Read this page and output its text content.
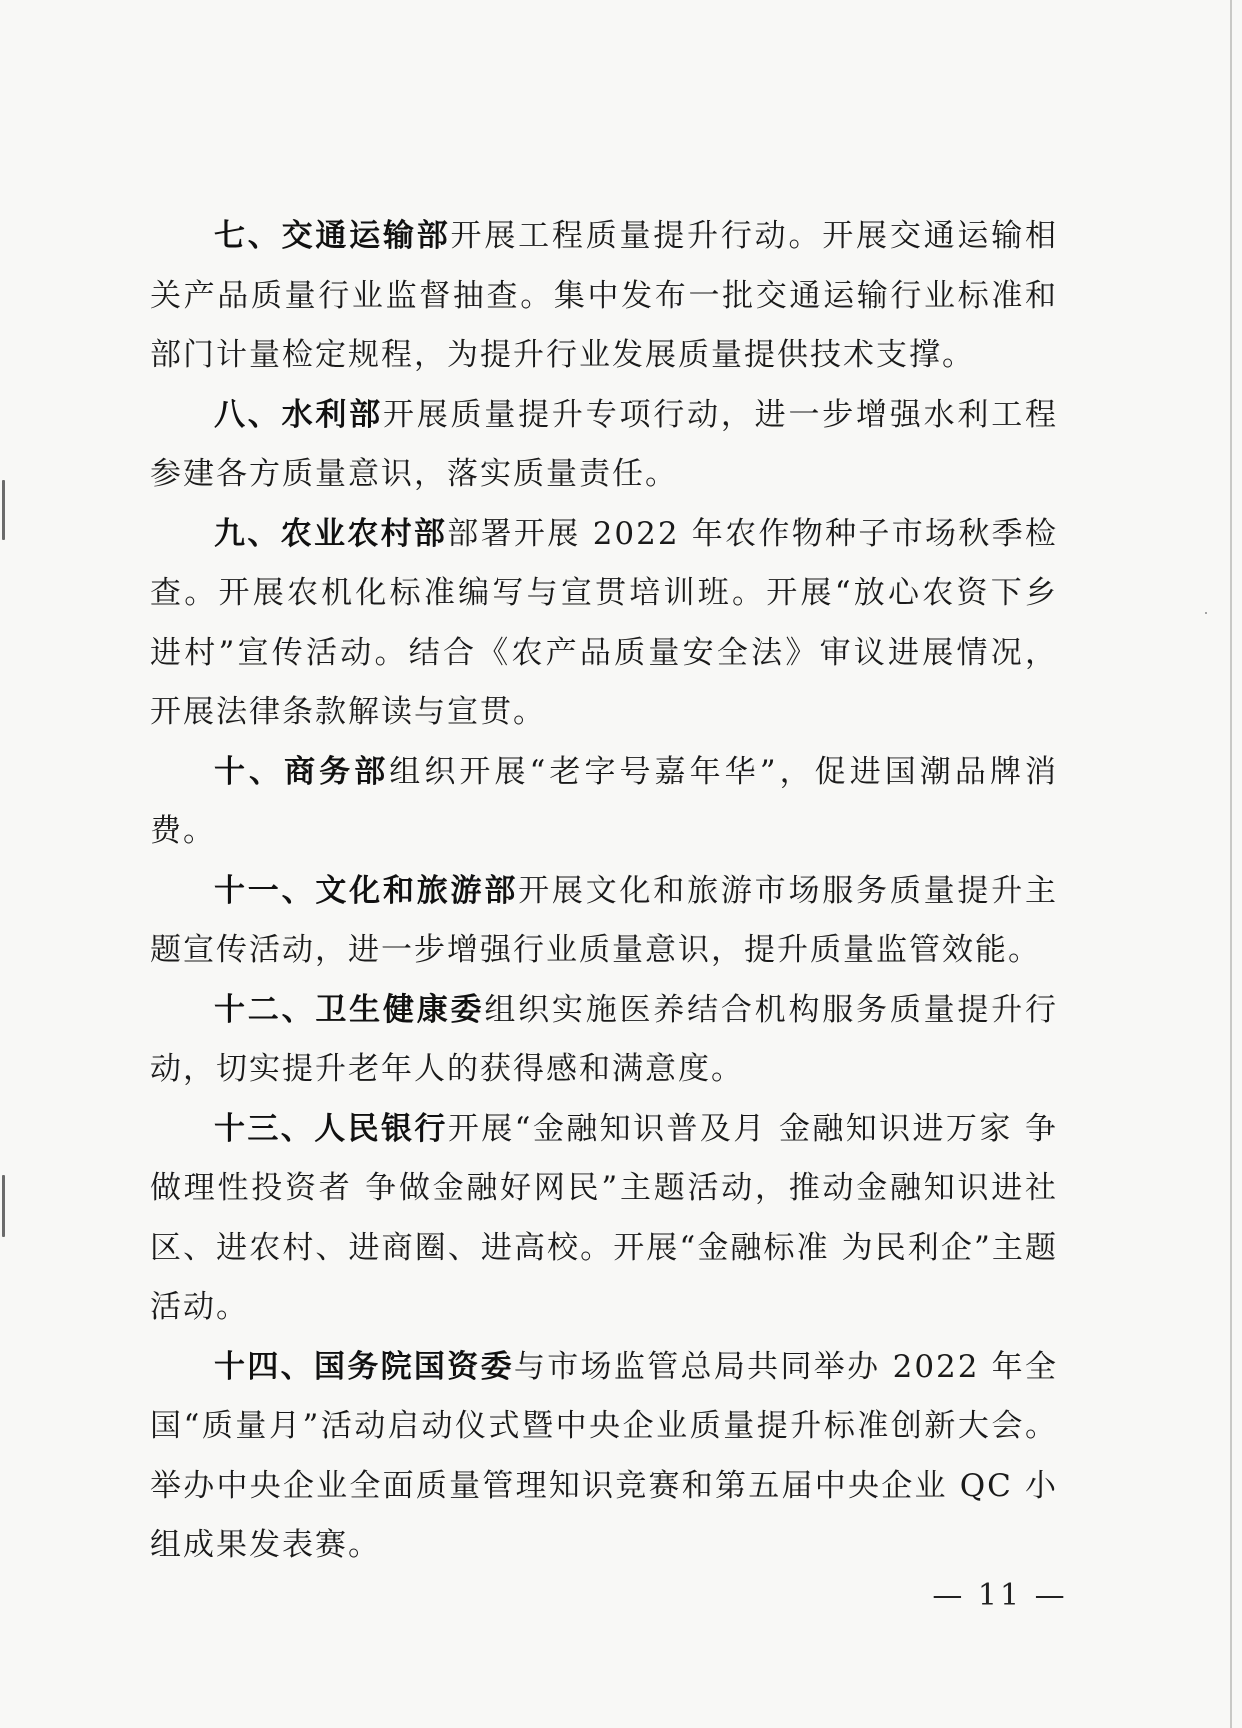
七、交通运输部开展工程质量提升行动。开展交通运输相关产品质量行业监督抽查。集中发布一批交通运输行业标准和部门计量检定规程，为提升行业发展质量提供技术支撑。

八、水利部开展质量提升专项行动，进一步增强水利工程参建各方质量意识，落实质量责任。

九、农业农村部部署开展 2022 年农作物种子市场秋季检查。开展农机化标准编写与宣贯培训班。开展“放心农资下乡进村”宣传活动。结合《农产品质量安全法》审议进展情况，开展法律条款解读与宣贯。

十、商务部组织开展“老字号嘉年华”，促进国潮品牌消费。

十一、文化和旅游部开展文化和旅游市场服务质量提升主题宣传活动，进一步增强行业质量意识，提升质量监管效能。

十二、卫生健康委组织实施医养结合机构服务质量提升行动，切实提升老年人的获得感和满意度。

十三、人民银行开展“金融知识普及月 金融知识进万家 争做理性投资者 争做金融好网民”主题活动，推动金融知识进社区、进农村、进商圈、进高校。开展“金融标准 为民利企”主题活动。

十四、国务院国资委与市场监管总局共同举办 2022 年全国“质量月”活动启动仪式暨中央企业质量提升标准创新大会。举办中央企业全面质量管理知识竞赛和第五届中央企业 QC 小组成果发表赛。

— 11 —
